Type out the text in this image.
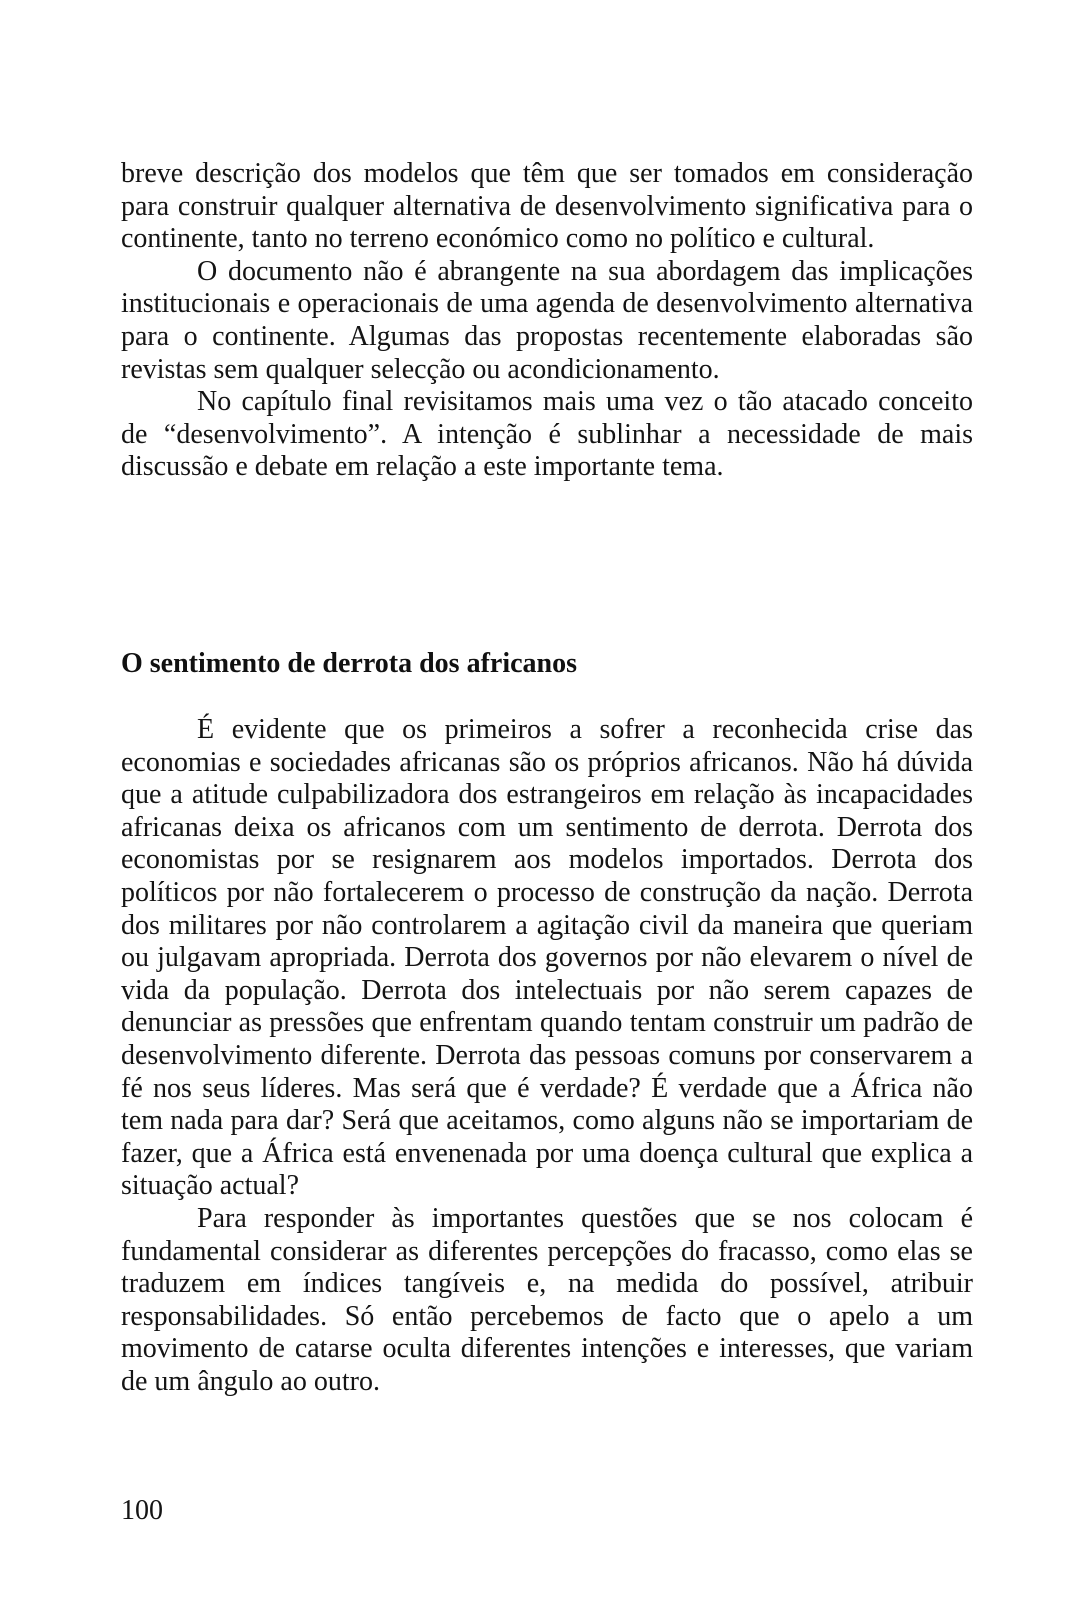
breve descrição dos modelos que têm que ser tomados em consideração para construir qualquer alternativa de desenvolvimento significativa para o continente, tanto no terreno económico como no político e cultural.

O documento não é abrangente na sua abordagem das implicações institucionais e operacionais de uma agenda de desenvolvimento alternativa para o continente. Algumas das propostas recentemente elaboradas são revistas sem qualquer selecção ou acondicionamento.

No capítulo final revisitamos mais uma vez o tão atacado conceito de “desenvolvimento”. A intenção é sublinhar a necessidade de mais discussão e debate em relação a este importante tema.

O sentimento de derrota dos africanos

É evidente que os primeiros a sofrer a reconhecida crise das economias e sociedades africanas são os próprios africanos. Não há dúvida que a atitude culpabilizadora dos estrangeiros em relação às incapacidades africanas deixa os africanos com um sentimento de derrota. Derrota dos economistas por se resignarem aos modelos importados. Derrota dos políticos por não fortalecerem o processo de construção da nação. Derrota dos militares por não controlarem a agitação civil da maneira que queriam ou julgavam apropriada. Derrota dos governos por não elevarem o nível de vida da população. Derrota dos intelectuais por não serem capazes de denunciar as pressões que enfrentam quando tentam construir um padrão de desenvolvimento diferente. Derrota das pessoas comuns por conservarem a fé nos seus líderes. Mas será que é verdade? É verdade que a África não tem nada para dar? Será que aceitamos, como alguns não se importariam de fazer, que a África está envenenada por uma doença cultural que explica a situação actual?

Para responder às importantes questões que se nos colocam é fundamental considerar as diferentes percepções do fracasso, como elas se traduzem em índices tangíveis e, na medida do possível, atribuir responsabilidades. Só então percebemos de facto que o apelo a um movimento de catarse oculta diferentes intenções e interesses, que variam de um ângulo ao outro.

100
